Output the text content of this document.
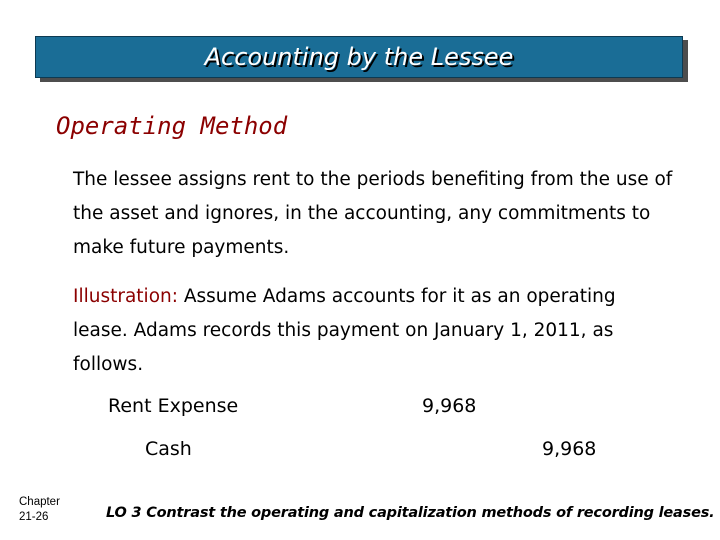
Accounting by the Lessee
Operating Method

The lessee assigns rent to the periods benefiting from the use of the asset and ignores, in the accounting, any commitments to make future payments.

Illustration: Assume Adams accounts for it as an operating lease. Adams records this payment on January 1, 2011, as follows.

Rent Expense	9,968
Cash	9,968
Chapter
21-26	LO 3 Contrast the operating and capitalization methods of recording leases.
